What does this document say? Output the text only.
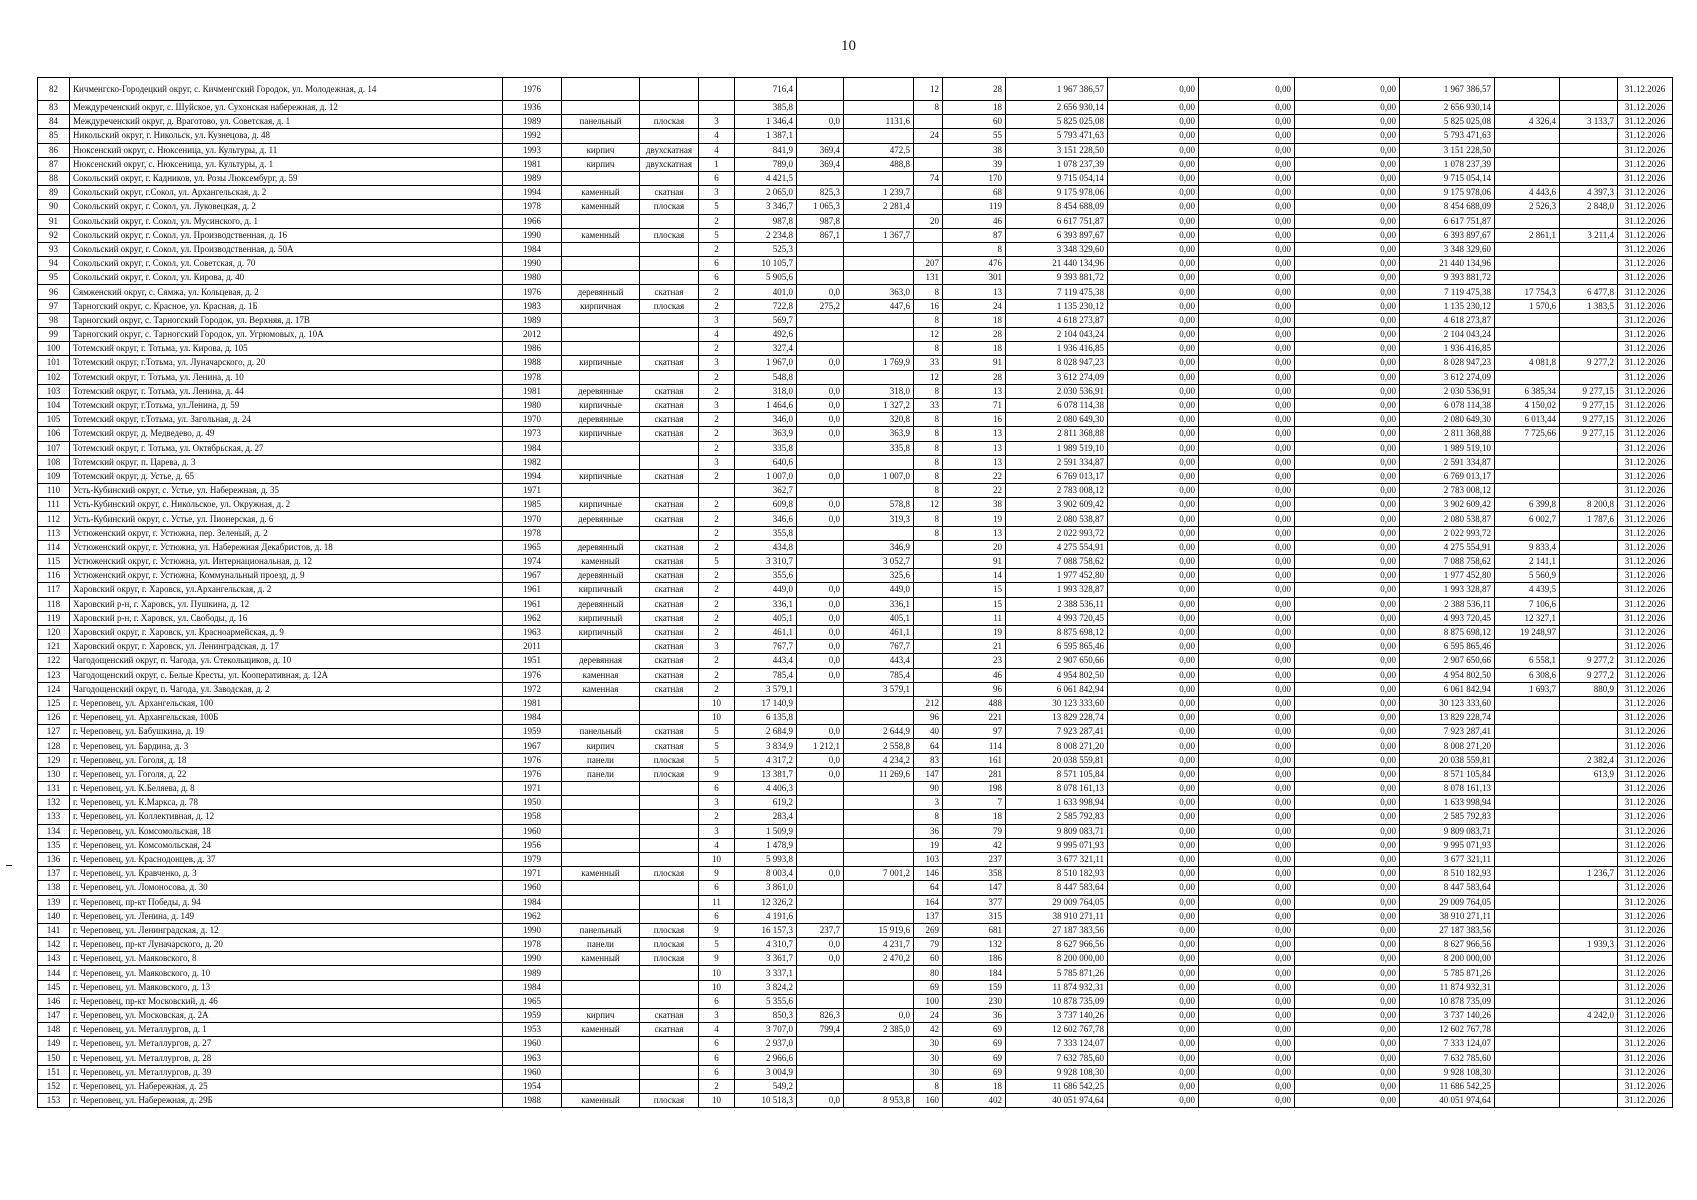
10
82	Кичменгско-Городецкий округ, с. Кичменгский Городок, ул. Молодежная, д. 14	1976				716,4			12	28	1 967 386,57	0,00	0,00	0,00	1 967 386,57			31.12.2026
83	Междуреченский округ, с. Шуйское, ул. Сухонская набережная, д. 12	1936				385,8			8	18	2 656 930,14	0,00	0,00	0,00	2 656 930,14			31.12.2026
84	Междуреченский округ, д. Враготово, ул. Советская, д. 1	1989	панельный	плоская	3	1 346,4	0,0	1131,6		60	5 825 025,08	0,00	0,00	0,00	5 825 025,08	4 326,4	3 133,7	31.12.2026
85	Никольский округ, г. Никольск, ул. Кузнецова, д. 48	1992			4	1 387,1			24	55	5 793 471,63	0,00	0,00	0,00	5 793 471,63			31.12.2026
86	Нюксенский округ, с. Нюксеница, ул. Культуры, д. 11	1993	кирпич	двухскатная	4	841,9	369,4	472,5		38	3 151 228,50	0,00	0,00	0,00	3 151 228,50			31.12.2026
87	Нюксенский округ, с. Нюксеница, ул. Культуры, д. 1	1981	кирпич	двухскатная	1	789,0	369,4	488,8		39	1 078 237,39	0,00	0,00	0,00	1 078 237,39			31.12.2026
88	Сокольский округ, г. Кадников, ул. Розы Люксембург, д. 59	1989			6	4 421,5			74	170	9 715 054,14	0,00	0,00	0,00	9 715 054,14			31.12.2026
89	Сокольский округ, г.Сокол, ул. Архангельская, д. 2	1994	каменный	скатная	3	2 065,0	825,3	1 239,7		68	9 175 978,06	0,00	0,00	0,00	9 175 978,06	4 443,6	4 397,3	31.12.2026
90	Сокольский округ, г. Сокол, ул. Луковецкая, д. 2	1978	каменный	плоская	5	3 346,7	1 065,3	2 281,4		119	8 454 688,09	0,00	0,00	0,00	8 454 688,09	2 526,3	2 848,0	31.12.2026
91	Сокольский округ, г. Сокол, ул. Мусинского, д. 1	1966			2	987,8	987,8		20	46	6 617 751,87	0,00	0,00	0,00	6 617 751,87			31.12.2026
92	Сокольский округ, г. Сокол, ул. Производственная, д. 16	1990	каменный	плоская	5	2 234,8	867,1	1 367,7		87	6 393 897,67	0,00	0,00	0,00	6 393 897,67	2 861,1	3 211,4	31.12.2026
93	Сокольский округ, г. Сокол, ул. Производственная, д. 50А	1984			2	525,3				8	3 348 329,60	0,00	0,00	0,00	3 348 329,60			31.12.2026
94	Сокольский округ, г. Сокол, ул. Советская, д. 70	1990			6	10 105,7			207	476	21 440 134,96	0,00	0,00	0,00	21 440 134,96			31.12.2026
95	Сокольский округ, г. Сокол, ул. Кирова, д. 40	1980			6	5 905,6			131	301	9 393 881,72	0,00	0,00	0,00	9 393 881,72			31.12.2026
96	Сямженский округ, с. Сямжа, ул. Кольцевая, д. 2	1976	деревянный	скатная	2	401,0	0,0	363,0	8	13	7 119 475,38	0,00	0,00	0,00	7 119 475,38	17 754,3	6 477,8	31.12.2026
97	Тарногский округ, с. Красное, ул. Красная, д. 1Б	1983	кирпичная	плоская	2	722,8	275,2	447,6	16	24	1 135 230,12	0,00	0,00	0,00	1 135 230,12	1 570,6	1 383,5	31.12.2026
98	Тарногский округ, с. Тарногский Городок, ул. Верхняя, д. 17В	1989			3	569,7			8	18	4 618 273,87	0,00	0,00	0,00	4 618 273,87			31.12.2026
99	Тарногский округ, с. Тарногский Городок, ул. Угрюмовых, д. 10А	2012			4	492,6			12	28	2 104 043,24	0,00	0,00	0,00	2 104 043,24			31.12.2026
100	Тотемский округ, г. Тотьма, ул. Кирова, д. 105	1986			2	327,4			8	18	1 936 416,85	0,00	0,00	0,00	1 936 416,85			31.12.2026
101	Тотемский округ, г.Тотьма, ул. Луначарского, д. 20	1988	кирпичные	скатная	3	1 967,0	0,0	1 769,9	33	91	8 028 947,23	0,00	0,00	0,00	8 028 947,23	4 081,8	9 277,2	31.12.2026
102	Тотемский округ, г. Тотьма, ул. Ленина, д. 10	1978			2	548,8			12	28	3 612 274,09	0,00	0,00	0,00	3 612 274,09			31.12.2026
103	Тотемский округ, г. Тотьма, ул. Ленина, д. 44	1981	деревянные	скатная	2	318,0	0,0	318,0	8	13	2 030 536,91	0,00	0,00	0,00	2 030 536,91	6 385,34	9 277,15	31.12.2026
104	Тотемский округ, г.Тотьма, ул.Ленина, д. 59	1980	кирпичные	скатная	3	1 464,6	0,0	1 327,2	33	71	6 078 114,38	0,00	0,00	0,00	6 078 114,38	4 150,02	9 277,15	31.12.2026
105	Тотемский округ, г.Тотьма, ул. Загольная, д. 24	1970	деревянные	скатная	2	346,0	0,0	320,8	8	16	2 080 649,30	0,00	0,00	0,00	2 080 649,30	6 013,44	9 277,15	31.12.2026
106	Тотемский округ, д. Медведево, д. 49	1973	кирпичные	скатная	2	363,9	0,0	363,9	8	13	2 811 368,88	0,00	0,00	0,00	2 811 368,88	7 725,66	9 277,15	31.12.2026
107	Тотемский округ, г. Тотьма, ул. Октябрьская, д. 27	1984			2	335,8		335,8	8	13	1 989 519,10	0,00	0,00	0,00	1 989 519,10			31.12.2026
108	Тотемский округ, п. Царева, д. 3	1982			3	640,6			8	13	2 591 334,87	0,00	0,00	0,00	2 591 334,87			31.12.2026
109	Тотемский округ, д. Устье, д. 65	1994	кирпичные	скатная	2	1 007,0	0,0	1 007,0	8	22	6 769 013,17	0,00	0,00	0,00	6 769 013,17			31.12.2026
110	Усть-Кубинский округ, с. Устье, ул. Набережная, д. 35	1971				362,7			8	22	2 783 008,12	0,00	0,00	0,00	2 783 008,12			31.12.2026
111	Усть-Кубинский округ, с. Никольское, ул. Окружная, д. 2	1985	кирпичные	скатная	2	609,8	0,0	578,8	12	38	3 902 609,42	0,00	0,00	0,00	3 902 609,42	6 399,8	8 200,8	31.12.2026
112	Усть-Кубинский округ, с. Устье, ул. Пионерская, д. 6	1970	деревянные	скатная	2	346,6	0,0	319,3	8	19	2 080 538,87	0,00	0,00	0,00	2 080 538,87	6 002,7	1 787,6	31.12.2026
113	Устюженский округ, г. Устюжна, пер. Зеленый, д. 2	1978			2	355,8			8	13	2 022 993,72	0,00	0,00	0,00	2 022 993,72			31.12.2026
114	Устюженский округ, г. Устюжна, ул. Набережная Декабристов, д. 18	1965	деревянный	скатная	2	434,8		346,9		20	4 275 554,91	0,00	0,00	0,00	4 275 554,91	9 833,4		31.12.2026
115	Устюженский округ, г. Устюжна, ул. Интернациональная, д. 12	1974	каменный	скатная	5	3 310,7		3 052,7		91	7 088 758,62	0,00	0,00	0,00	7 088 758,62	2 141,1		31.12.2026
116	Устюженский округ, г. Устюжна, Коммунальный проезд, д. 9	1967	деревянный	скатная	2	355,6		325,6		14	1 977 452,80	0,00	0,00	0,00	1 977 452,80	5 560,9		31.12.2026
117	Харовский округ, г. Харовск, ул.Архангельская, д. 2	1961	кирпичный	скатная	2	449,0	0,0	449,0		15	1 993 328,87	0,00	0,00	0,00	1 993 328,87	4 439,5		31.12.2026
118	Харовский р-н, г. Харовск, ул. Пушкина, д. 12	1961	деревянный	скатная	2	336,1	0,0	336,1		15	2 388 536,11	0,00	0,00	0,00	2 388 536,11	7 106,6		31.12.2026
119	Харовский р-н, г. Харовск, ул. Свободы, д. 16	1962	кирпичный	скатная	2	405,1	0,0	405,1		11	4 993 720,45	0,00	0,00	0,00	4 993 720,45	12 327,1		31.12.2026
120	Харовский округ, г. Харовск, ул. Красноармейская, д. 9	1963	кирпичный	скатная	2	461,1	0,0	461,1		19	8 875 698,12	0,00	0,00	0,00	8 875 698,12	19 248,97		31.12.2026
121	Харовский округ, г. Харовск, ул. Ленинградская, д. 17	2011		скатная	3	767,7	0,0	767,7		21	6 595 865,46	0,00	0,00	0,00	6 595 865,46			31.12.2026
122	Чагодощенский округ, п. Чагода, ул. Стекольщиков, д. 10	1951	деревянная	скатная	2	443,4	0,0	443,4		23	2 907 650,66	0,00	0,00	0,00	2 907 650,66	6 558,1	9 277,2	31.12.2026
123	Чагодощенский округ, с. Белые Кресты, ул. Кооперативная, д. 12А	1976	каменная	скатная	2	785,4	0,0	785,4		46	4 954 802,50	0,00	0,00	0,00	4 954 802,50	6 308,6	9 277,2	31.12.2026
124	Чагодощенский округ, п. Чагода, ул. Заводская, д. 2	1972	каменная	скатная	2	3 579,1		3 579,1		96	6 061 842,94	0,00	0,00	0,00	6 061 842,94	1 693,7	880,9	31.12.2026
125	г. Череповец, ул. Архангельская, 100	1981			10	17 140,9			212	488	30 123 333,60	0,00	0,00	0,00	30 123 333,60			31.12.2026
126	г. Череповец, ул. Архангельская, 100Б	1984			10	6 135,8			96	221	13 829 228,74	0,00	0,00	0,00	13 829 228,74			31.12.2026
127	г. Череповец, ул. Бабушкина, д. 19	1959	панельный	скатная	5	2 684,9	0,0	2 644,9	40	97	7 923 287,41	0,00	0,00	0,00	7 923 287,41			31.12.2026
128	г. Череповец, ул. Бардина, д. 3	1967	кирпич	скатная	5	3 834,9	1 212,1	2 558,8	64	114	8 008 271,20	0,00	0,00	0,00	8 008 271,20			31.12.2026
129	г. Череповец, ул. Гоголя, д. 18	1976	панели	плоская	5	4 317,2	0,0	4 234,2	83	161	20 038 559,81	0,00	0,00	0,00	20 038 559,81		2 382,4	31.12.2026
130	г. Череповец, ул. Гоголя, д. 22	1976	панели	плоская	9	13 381,7	0,0	11 269,6	147	281	8 571 105,84	0,00	0,00	0,00	8 571 105,84		613,9	31.12.2026
131	г. Череповец, ул. К.Беляева, д. 8	1971			6	4 406,3			90	198	8 078 161,13	0,00	0,00	0,00	8 078 161,13			31.12.2026
132	г. Череповец, ул. К.Маркса, д. 78	1950			3	619,2			3	7	1 633 998,94	0,00	0,00	0,00	1 633 998,94			31.12.2026
133	г. Череповец, ул. Коллективная, д. 12	1958			2	283,4			8	18	2 585 792,83	0,00	0,00	0,00	2 585 792,83			31.12.2026
134	г. Череповец, ул. Комсомольская, 18	1960			3	1 509,9			36	79	9 809 083,71	0,00	0,00	0,00	9 809 083,71			31.12.2026
135	г. Череповец, ул. Комсомольская, 24	1956			4	1 478,9			19	42	9 995 071,93	0,00	0,00	0,00	9 995 071,93			31.12.2026
136	г. Череповец, ул. Краснодонцев, д. 37	1979			10	5 993,8			103	237	3 677 321,11	0,00	0,00	0,00	3 677 321,11			31.12.2026
137	г. Череповец, ул. Кравченко, д. 3	1971	каменный	плоская	9	8 003,4	0,0	7 001,2	146	358	8 510 182,93	0,00	0,00	0,00	8 510 182,93		1 236,7	31.12.2026
138	г. Череповец, ул. Ломоносова, д. 30	1960			6	3 861,0			64	147	8 447 583,64	0,00	0,00	0,00	8 447 583,64			31.12.2026
139	г. Череповец, пр-кт Победы, д. 94	1984			11	12 326,2			164	377	29 009 764,05	0,00	0,00	0,00	29 009 764,05			31.12.2026
140	г. Череповец, ул. Ленина, д. 149	1962			6	4 191,6			137	315	38 910 271,11	0,00	0,00	0,00	38 910 271,11			31.12.2026
141	г. Череповец, ул. Ленинградская, д. 12	1990	панельный	плоская	9	16 157,3	237,7	15 919,6	269	681	27 187 383,56	0,00	0,00	0,00	27 187 383,56			31.12.2026
142	г. Череповец, пр-кт Луначарского, д. 20	1978	панели	плоская	5	4 310,7	0,0	4 231,7	79	132	8 627 966,56	0,00	0,00	0,00	8 627 966,56		1 939,3	31.12.2026
143	г. Череповец, ул. Маяковского, 8	1990	каменный	плоская	9	3 361,7	0,0	2 470,2	60	186	8 200 000,00	0,00	0,00	0,00	8 200 000,00			31.12.2026
144	г. Череповец, ул. Маяковского, д. 10	1989			10	3 337,1			80	184	5 785 871,26	0,00	0,00	0,00	5 785 871,26			31.12.2026
145	г. Череповец, ул. Маяковского, д. 13	1984			10	3 824,2			69	159	11 874 932,31	0,00	0,00	0,00	11 874 932,31			31.12.2026
146	г. Череповец, пр-кт Московский, д. 46	1965			6	5 355,6			100	230	10 878 735,09	0,00	0,00	0,00	10 878 735,09			31.12.2026
147	г. Череповец, ул. Московская, д. 2А	1959	кирпич	скатная	3	850,3	826,3	0,0	24	36	3 737 140,26	0,00	0,00	0,00	3 737 140,26		4 242,0	31.12.2026
148	г. Череповец, ул. Металлургов, д. 1	1953	каменный	скатная	4	3 707,0	799,4	2 385,0	42	69	12 602 767,78	0,00	0,00	0,00	12 602 767,78			31.12.2026
149	г. Череповец, ул. Металлургов, д. 27	1960			6	2 937,0			30	69	7 333 124,07	0,00	0,00	0,00	7 333 124,07			31.12.2026
150	г. Череповец, ул. Металлургов, д. 28	1963			6	2 966,6			30	69	7 632 785,60	0,00	0,00	0,00	7 632 785,60			31.12.2026
151	г. Череповец, ул. Металлургов, д. 39	1960			6	3 004,9			30	69	9 928 108,30	0,00	0,00	0,00	9 928 108,30			31.12.2026
152	г. Череповец, ул. Набережная, д. 25	1954			2	549,2			8	18	11 686 542,25	0,00	0,00	0,00	11 686 542,25			31.12.2026
153	г. Череповец, ул. Набережная, д. 29Б	1988	каменный	плоская	10	10 518,3	0,0	8 953,8	160	402	40 051 974,64	0,00	0,00	0,00	40 051 974,64			31.12.2026
